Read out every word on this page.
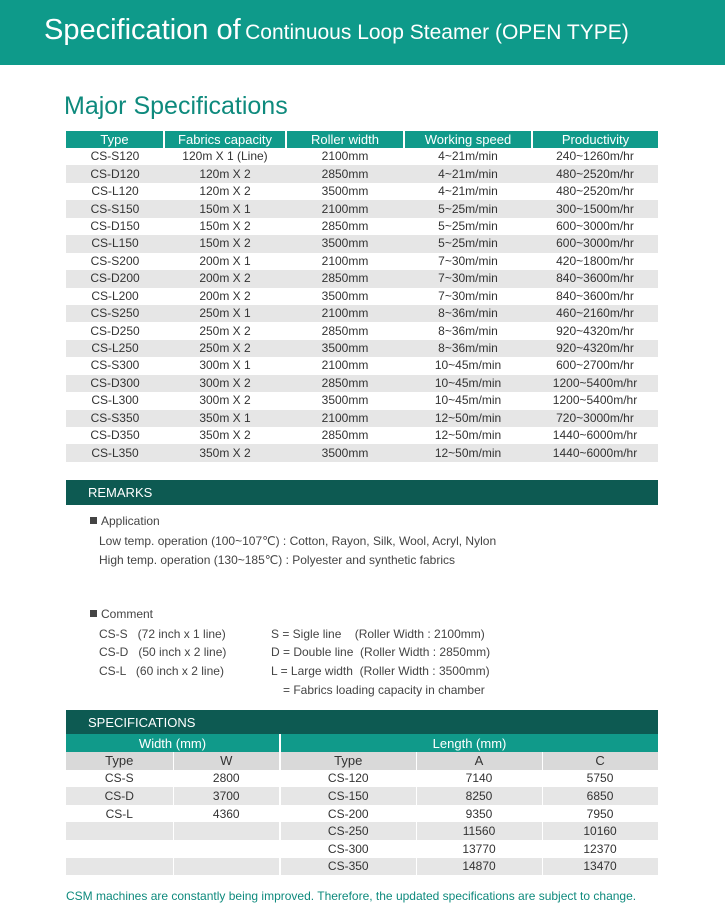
Specification of Continuous Loop Steamer (OPEN TYPE)
Major Specifications
Type	Fabrics capacity	Roller width	Working speed	Productivity
CS-S120	120m X 1 (Line)	2100mm	4~21m/min	240~1260m/hr
CS-D120	120m X 2	2850mm	4~21m/min	480~2520m/hr
CS-L120	120m X 2	3500mm	4~21m/min	480~2520m/hr
CS-S150	150m X 1	2100mm	5~25m/min	300~1500m/hr
CS-D150	150m X 2	2850mm	5~25m/min	600~3000m/hr
CS-L150	150m X 2	3500mm	5~25m/min	600~3000m/hr
CS-S200	200m X 1	2100mm	7~30m/min	420~1800m/hr
CS-D200	200m X 2	2850mm	7~30m/min	840~3600m/hr
CS-L200	200m X 2	3500mm	7~30m/min	840~3600m/hr
CS-S250	250m X 1	2100mm	8~36m/min	460~2160m/hr
CS-D250	250m X 2	2850mm	8~36m/min	920~4320m/hr
CS-L250	250m X 2	3500mm	8~36m/min	920~4320m/hr
CS-S300	300m X 1	2100mm	10~45m/min	600~2700m/hr
CS-D300	300m X 2	2850mm	10~45m/min	1200~5400m/hr
CS-L300	300m X 2	3500mm	10~45m/min	1200~5400m/hr
CS-S350	350m X 1	2100mm	12~50m/min	720~3000m/hr
CS-D350	350m X 2	2850mm	12~50m/min	1440~6000m/hr
CS-L350	350m X 2	3500mm	12~50m/min	1440~6000m/hr
REMARKS
Application
Low temp. operation (100~107℃) : Cotton, Rayon, Silk, Wool, Acryl, Nylon
High temp. operation (130~185℃) : Polyester and synthetic fabrics
Comment
CS-S   (72 inch x 1 line)
CS-D   (50 inch x 2 line)
CS-L   (60 inch x 2 line)
S = Sigle line    (Roller Width : 2100mm)
D = Double line  (Roller Width : 2850mm)
L = Large width  (Roller Width : 3500mm)
= Fabrics loading capacity in chamber
SPECIFICATIONS
Width (mm)		Length (mm)		
Type	W	Type	A	C
CS-S	2800	CS-120	7140	5750
CS-D	3700	CS-150	8250	6850
CS-L	4360	CS-200	9350	7950
		CS-250	11560	10160
		CS-300	13770	12370
		CS-350	14870	13470
CSM machines are constantly being improved. Therefore, the updated specifications are subject to change.
